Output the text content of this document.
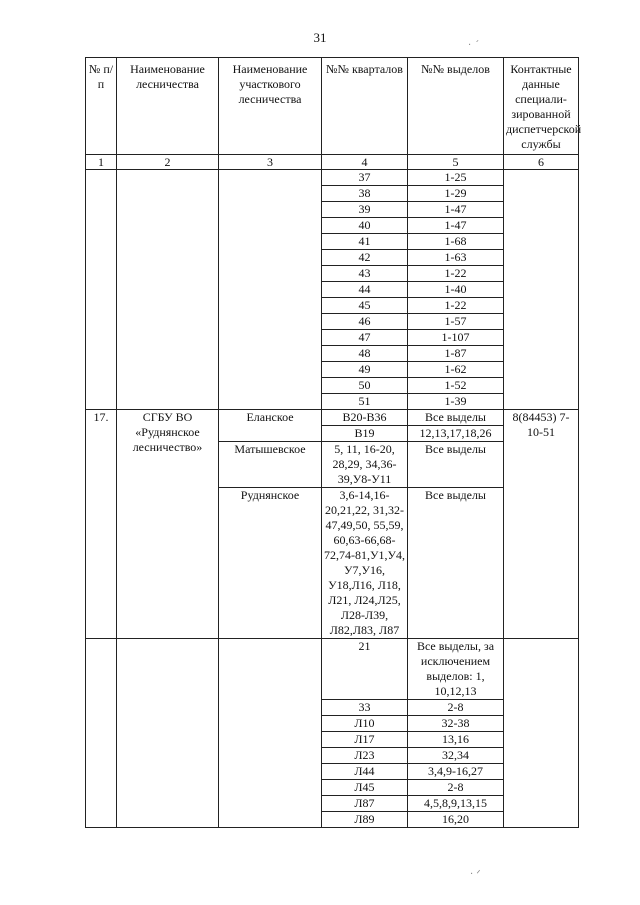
31
№ п/п	Наименование лесничества	Наименование участкового лесничества	№№ кварталов	№№ выделов	Контактные данные специали-зированной диспетчерской службы
1	2	3	4	5	6
			37	1-25	
			38	1-29	
			39	1-47	
			40	1-47	
			41	1-68	
			42	1-63	
			43	1-22	
			44	1-40	
			45	1-22	
			46	1-57	
			47	1-107	
			48	1-87	
			49	1-62	
			50	1-52	
			51	1-39	
17.	СГБУ ВО «Руднянское лесничество»	Еланское	В20-В36	Все выделы	8(84453) 7-10-51
			В19	12,13,17,18,26	
		Матышевское	5, 11, 16-20, 28,29, 34,36-39,У8-У11	Все выделы	
		Руднянское	3,6-14,16-20,21,22, 31,32-47,49,50, 55,59, 60,63-66,68-72,74-81,У1,У4, У7,У16, У18,Л16, Л18, Л21, Л24,Л25, Л28-Л39, Л82,Л83, Л87	Все выделы	
			21	Все выделы, за исключением выделов: 1, 10,12,13	
			33	2-8	
			Л10	32-38	
			Л17	13,16	
			Л23	32,34	
			Л44	3,4,9-16,27	
			Л45	2-8	
			Л87	4,5,8,9,13,15	
			Л89	16,20	
· ˊ
· ᐟ
